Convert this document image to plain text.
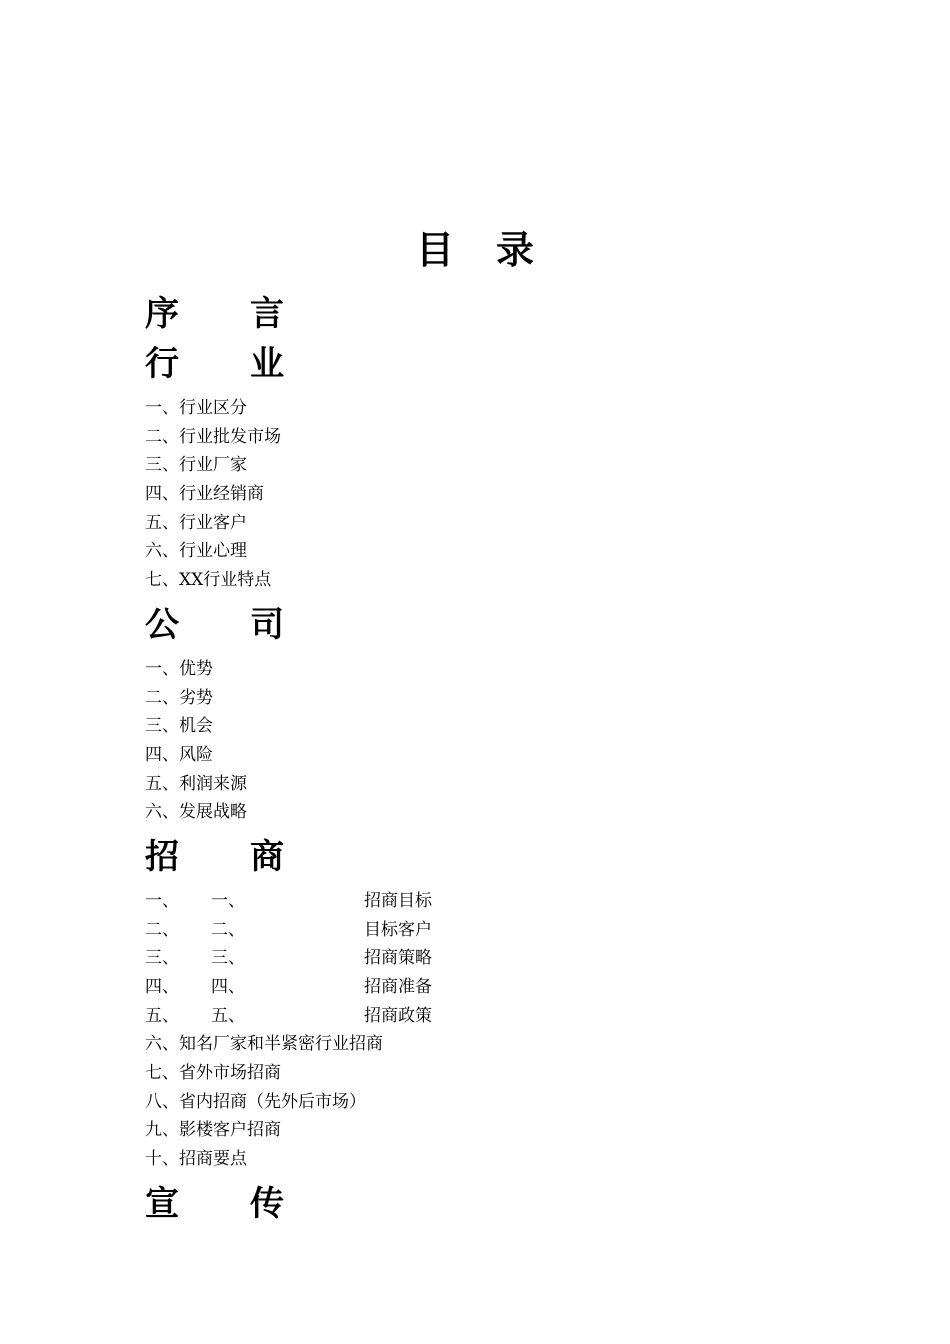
目 录
序 言
行 业
一、行业区分
二、行业批发市场
三、行业厂家
四、行业经销商
五、行业客户
六、行业心理
七、XX行业特点
公 司
一、优势
二、劣势
三、机会
四、风险
五、利润来源
六、发展战略
招 商
一、 一、	招商目标
二、 二、	目标客户
三、 三、	招商策略
四、 四、	招商准备
五、 五、	招商政策
六、知名厂家和半紧密行业招商
七、省外市场招商
八、省内招商（先外后市场）
九、影楼客户招商
十、招商要点
宣 传
